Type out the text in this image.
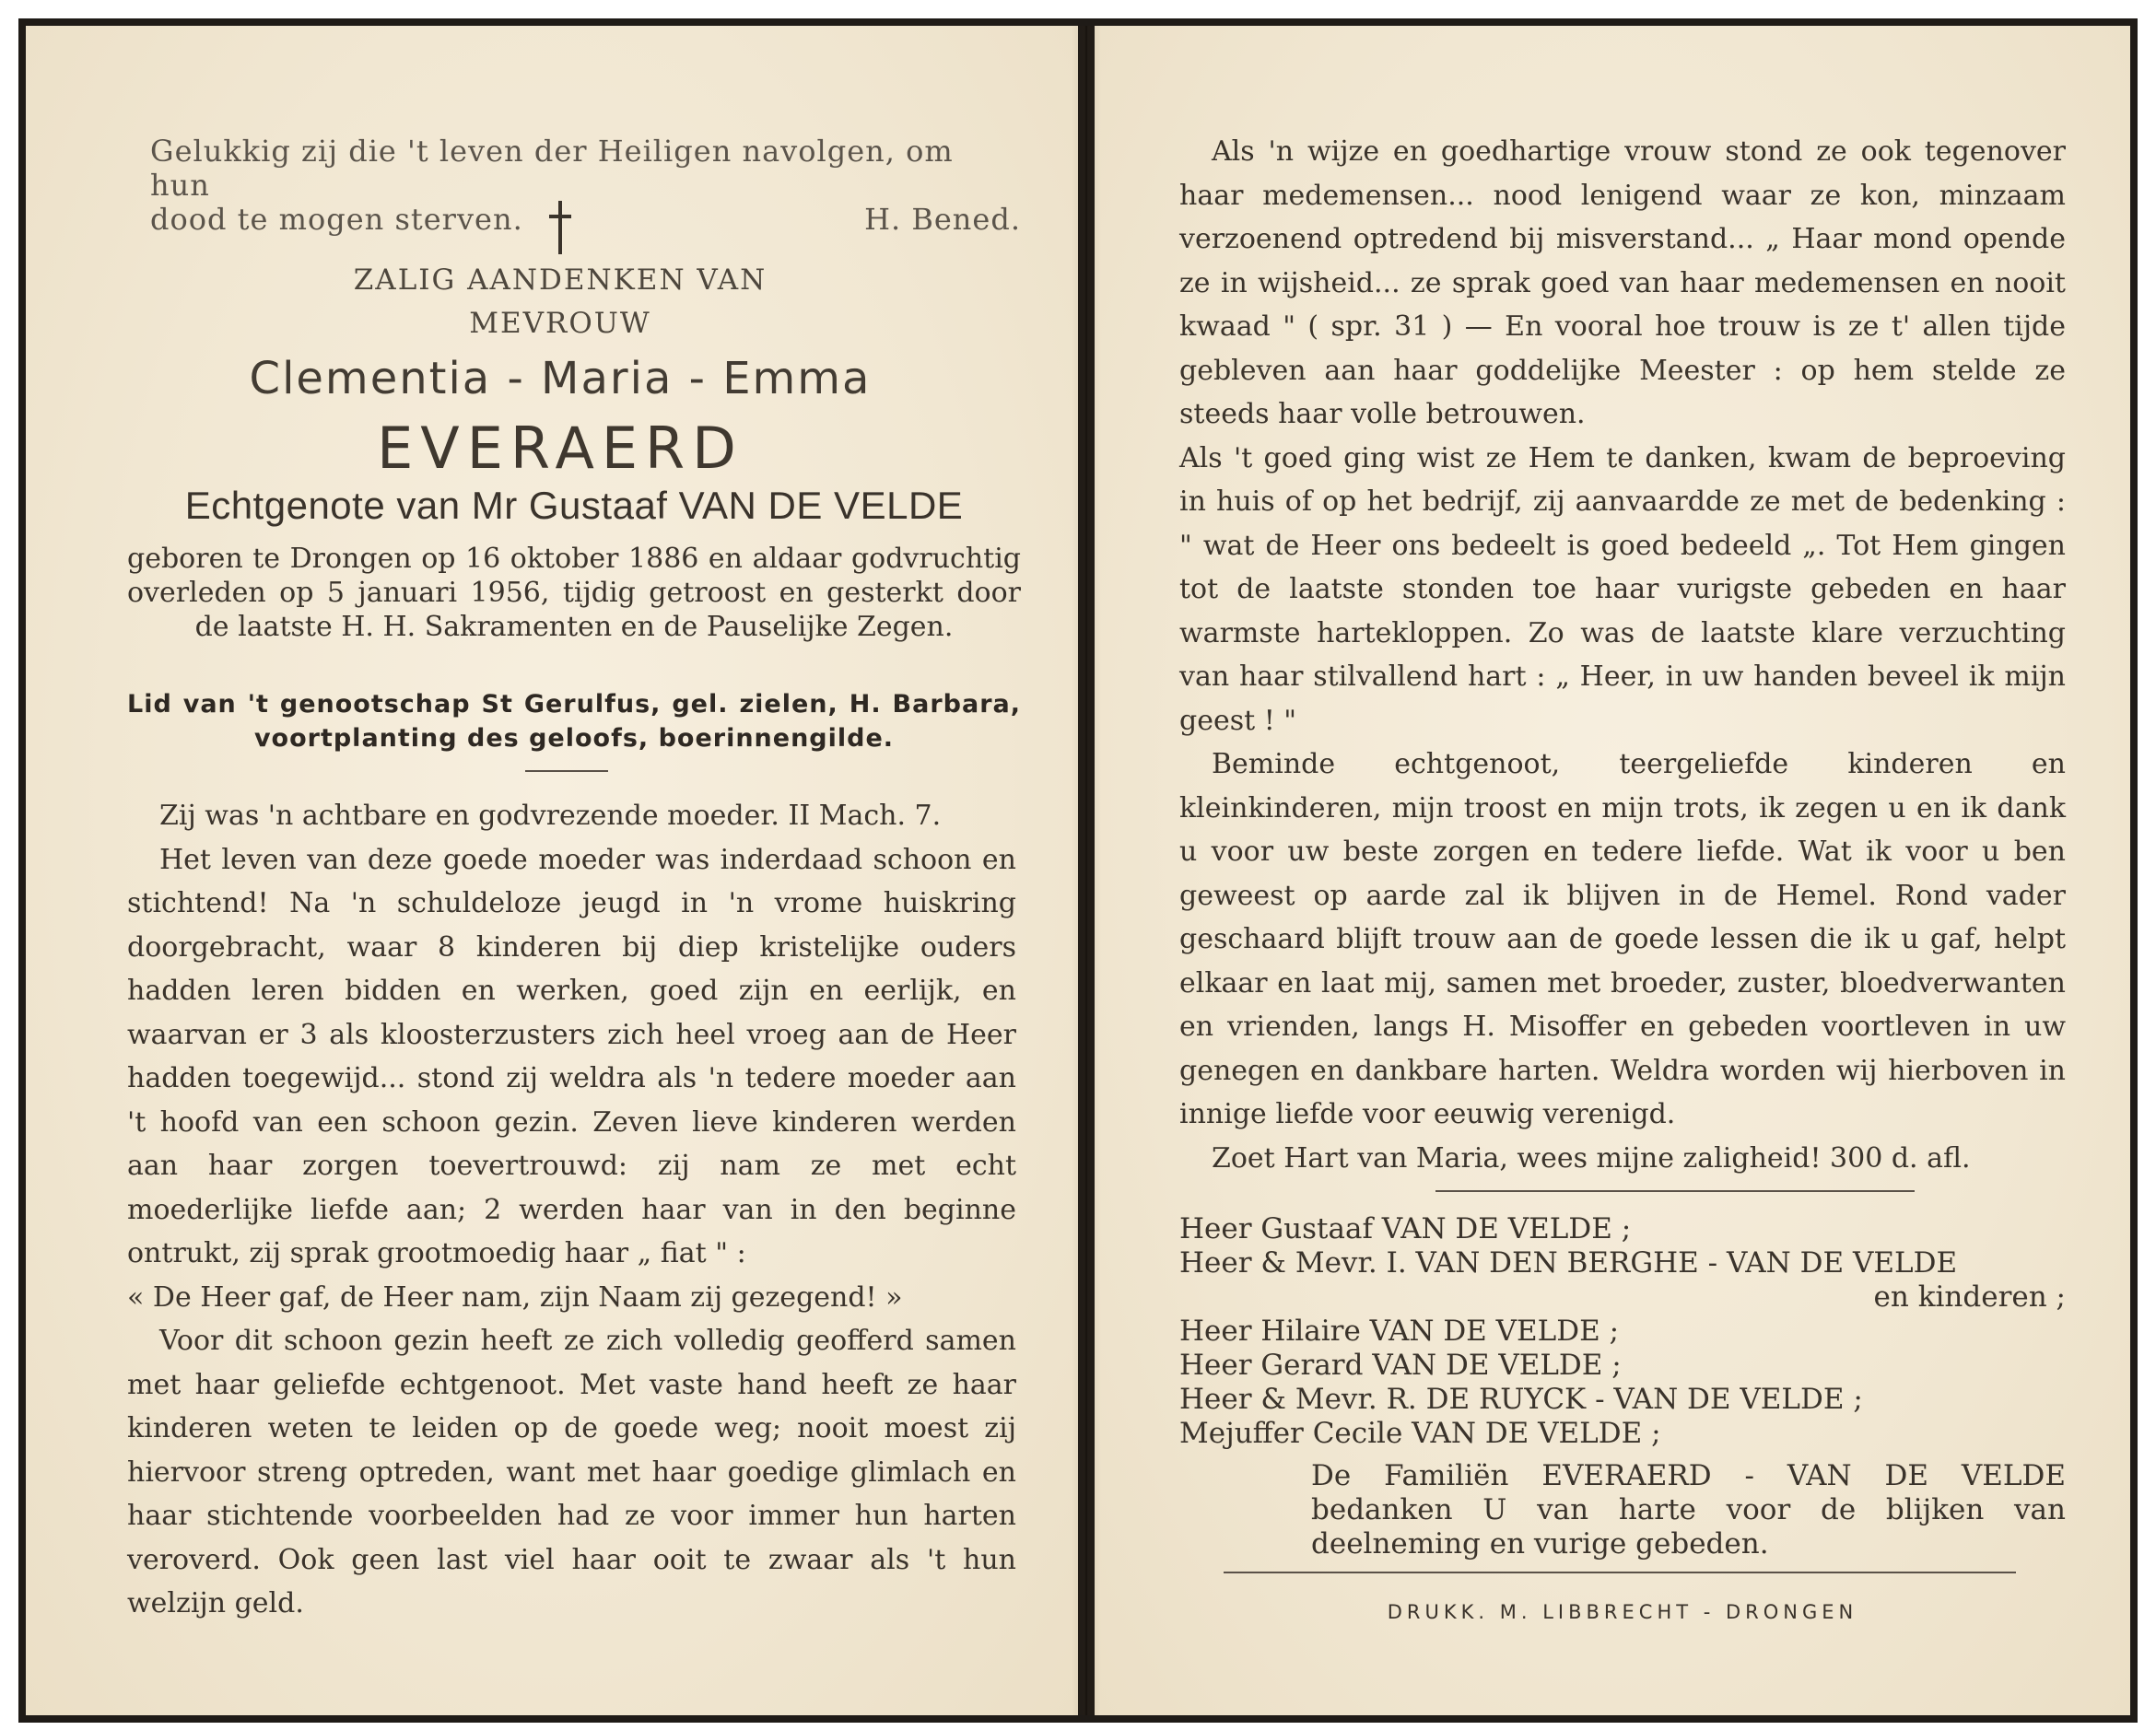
Gelukkig zij die 't leven der Heiligen navolgen, om hun
dood te mogen sterven.	H. Bened.
ZALIG AANDENKEN VAN
MEVROUW
Clementia - Maria - Emma
EVERAERD
Echtgenote van Mr Gustaaf VAN DE VELDE
geboren te Drongen op 16 oktober 1886 en aldaar godvruchtig overleden op 5 januari 1956, tijdig getroost en gesterkt door de laatste H. H. Sakramenten en de Pauselijke Zegen.
Lid van 't genootschap St Gerulfus, gel. zielen, H. Barbara, voortplanting des geloofs, boerinnengilde.

Zij was 'n achtbare en godvrezende moeder. II Mach. 7.

Het leven van deze goede moeder was inderdaad schoon en stichtend! Na 'n schuldeloze jeugd in 'n vrome huiskring doorgebracht, waar 8 kinderen bij diep kristelijke ouders hadden leren bidden en werken, goed zijn en eerlijk, en waarvan er 3 als kloosterzusters zich heel vroeg aan de Heer hadden toegewijd... stond zij weldra als 'n tedere moeder aan 't hoofd van een schoon gezin. Zeven lieve kinderen werden aan haar zorgen toevertrouwd: zij nam ze met echt moederlijke liefde aan; 2 werden haar van in den beginne ontrukt, zij sprak grootmoedig haar „ fiat " :

« De Heer gaf, de Heer nam, zijn Naam zij gezegend! »

Voor dit schoon gezin heeft ze zich volledig geofferd samen met haar geliefde echtgenoot. Met vaste hand heeft ze haar kinderen weten te leiden op de goede weg; nooit moest zij hiervoor streng optreden, want met haar goedige glimlach en haar stichtende voorbeelden had ze voor immer hun harten veroverd. Ook geen last viel haar ooit te zwaar als 't hun welzijn geld.

Als 'n wijze en goedhartige vrouw stond ze ook tegenover haar medemensen... nood lenigend waar ze kon, minzaam verzoenend optredend bij misverstand... „ Haar mond opende ze in wijsheid... ze sprak goed van haar medemensen en nooit kwaad " ( spr. 31 ) — En vooral hoe trouw is ze t' allen tijde gebleven aan haar goddelijke Meester : op hem stelde ze steeds haar volle betrouwen.

Als 't goed ging wist ze Hem te danken, kwam de beproeving in huis of op het bedrijf, zij aanvaardde ze met de bedenking : " wat de Heer ons bedeelt is goed bedeeld „. Tot Hem gingen tot de laatste stonden toe haar vurigste gebeden en haar warmste hartekloppen. Zo was de laatste klare verzuchting van haar stilvallend hart : „ Heer, in uw handen beveel ik mijn geest ! "

Beminde echtgenoot, teergeliefde kinderen en kleinkinderen, mijn troost en mijn trots, ik zegen u en ik dank u voor uw beste zorgen en tedere liefde. Wat ik voor u ben geweest op aarde zal ik blijven in de Hemel. Rond vader geschaard blijft trouw aan de goede lessen die ik u gaf, helpt elkaar en laat mij, samen met broeder, zuster, bloedverwanten en vrienden, langs H. Misoffer en gebeden voortleven in uw genegen en dankbare harten. Weldra worden wij hierboven in innige liefde voor eeuwig verenigd.

Zoet Hart van Maria, wees mijne zaligheid! 300 d. afl.

Heer Gustaaf VAN DE VELDE ;
Heer & Mevr. I. VAN DEN BERGHE - VAN DE VELDE
en kinderen ;
Heer Hilaire VAN DE VELDE ;
Heer Gerard VAN DE VELDE ;
Heer & Mevr. R. DE RUYCK - VAN DE VELDE ;
Mejuffer Cecile VAN DE VELDE ;
De Familiën EVERAERD - VAN DE VELDE bedanken U van harte voor de blijken van deelneming en vurige gebeden.
DRUKK. M. LIBBRECHT - DRONGEN
